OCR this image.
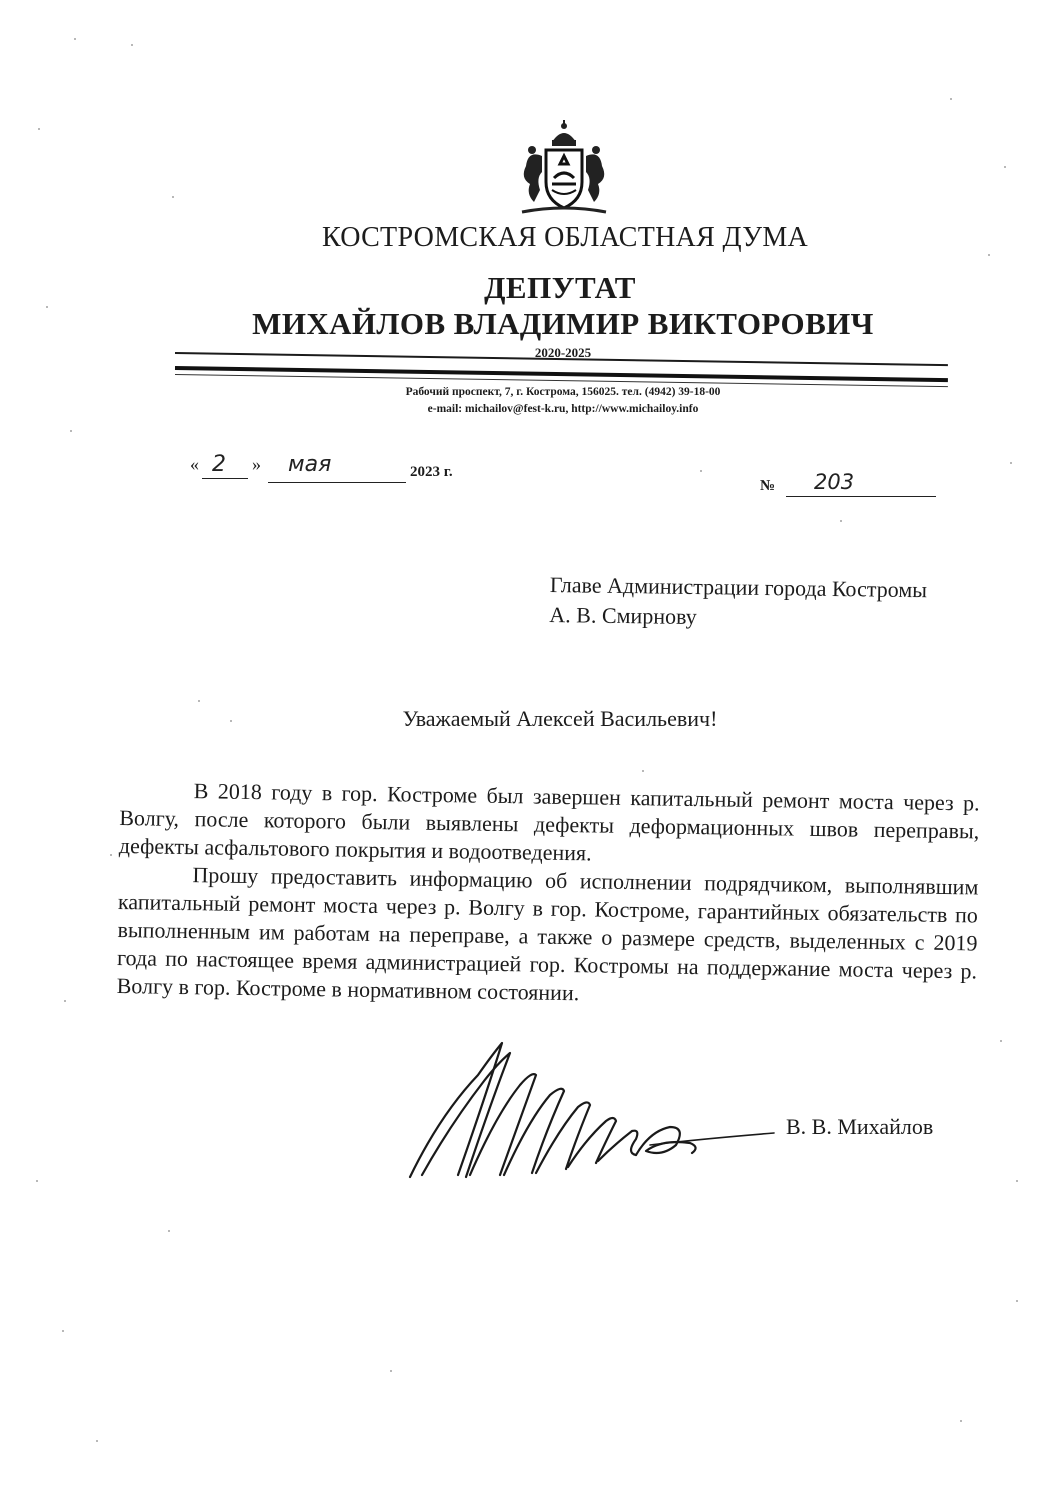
КОСТРОМСКАЯ ОБЛАСТНАЯ ДУМА
ДЕПУТАТ
МИХАЙЛОВ ВЛАДИМИР ВИКТОРОВИЧ
2020-2025
Рабочий проспект, 7, г. Кострома, 156025. тел. (4942) 39-18-00
e-mail: michailov@fest-k.ru, http://www.michailoy.info
« 2 » мая	2023 г.
№ 203
Главе Администрации города Костромы
А. В. Смирнову
Уважаемый Алексей Васильевич!

В 2018 году в гор. Костроме был завершен капитальный ремонт моста через р. Волгу, после которого были выявлены дефекты деформационных швов переправы, дефекты асфальтового покрытия и водоотведения.

Прошу предоставить информацию об исполнении подрядчиком, выполнявшим капитальный ремонт моста через р. Волгу в гор. Костроме, гарантийных обязательств по выполненным им работам на переправе, а также о размере средств, выделенных с 2019 года по настоящее время администрацией гор. Костромы на поддержание моста через р. Волгу в гор. Костроме в нормативном состоянии.

В. В. Михайлов
